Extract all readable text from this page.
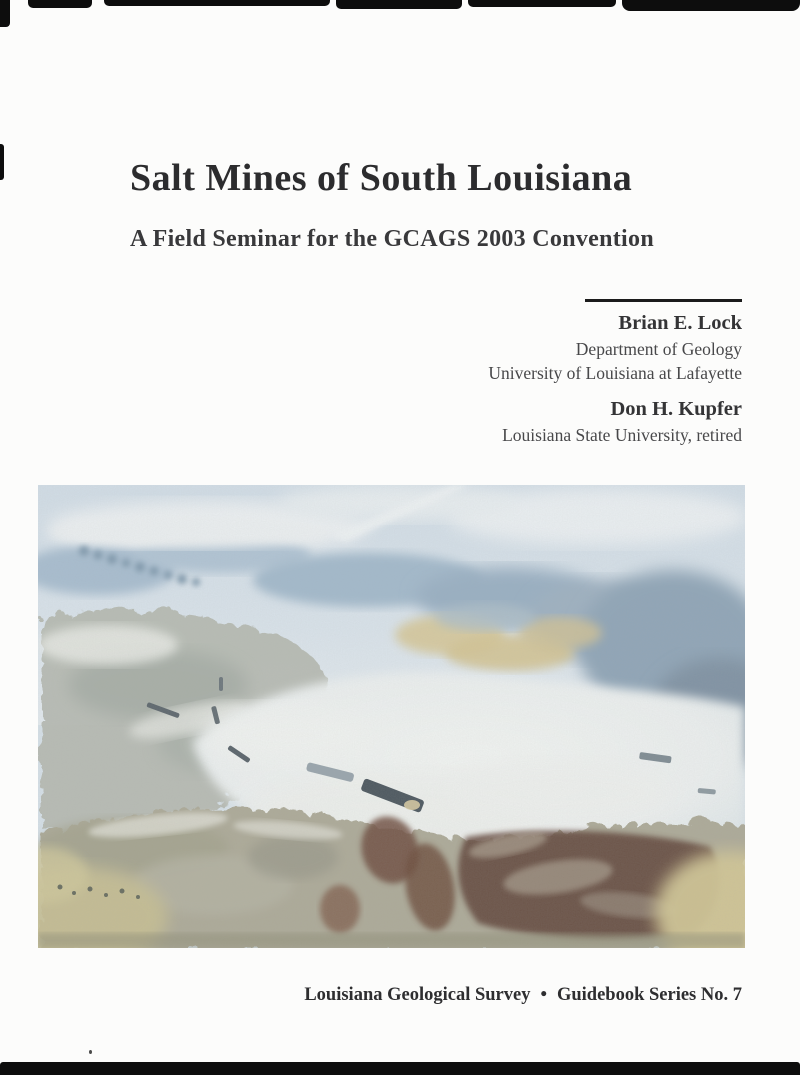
Salt Mines of South Louisiana
A Field Seminar for the GCAGS 2003 Convention
Brian E. Lock
Department of Geology
University of Louisiana at Lafayette
Don H. Kupfer
Louisiana State University, retired
Louisiana Geological Survey • Guidebook Series No. 7
